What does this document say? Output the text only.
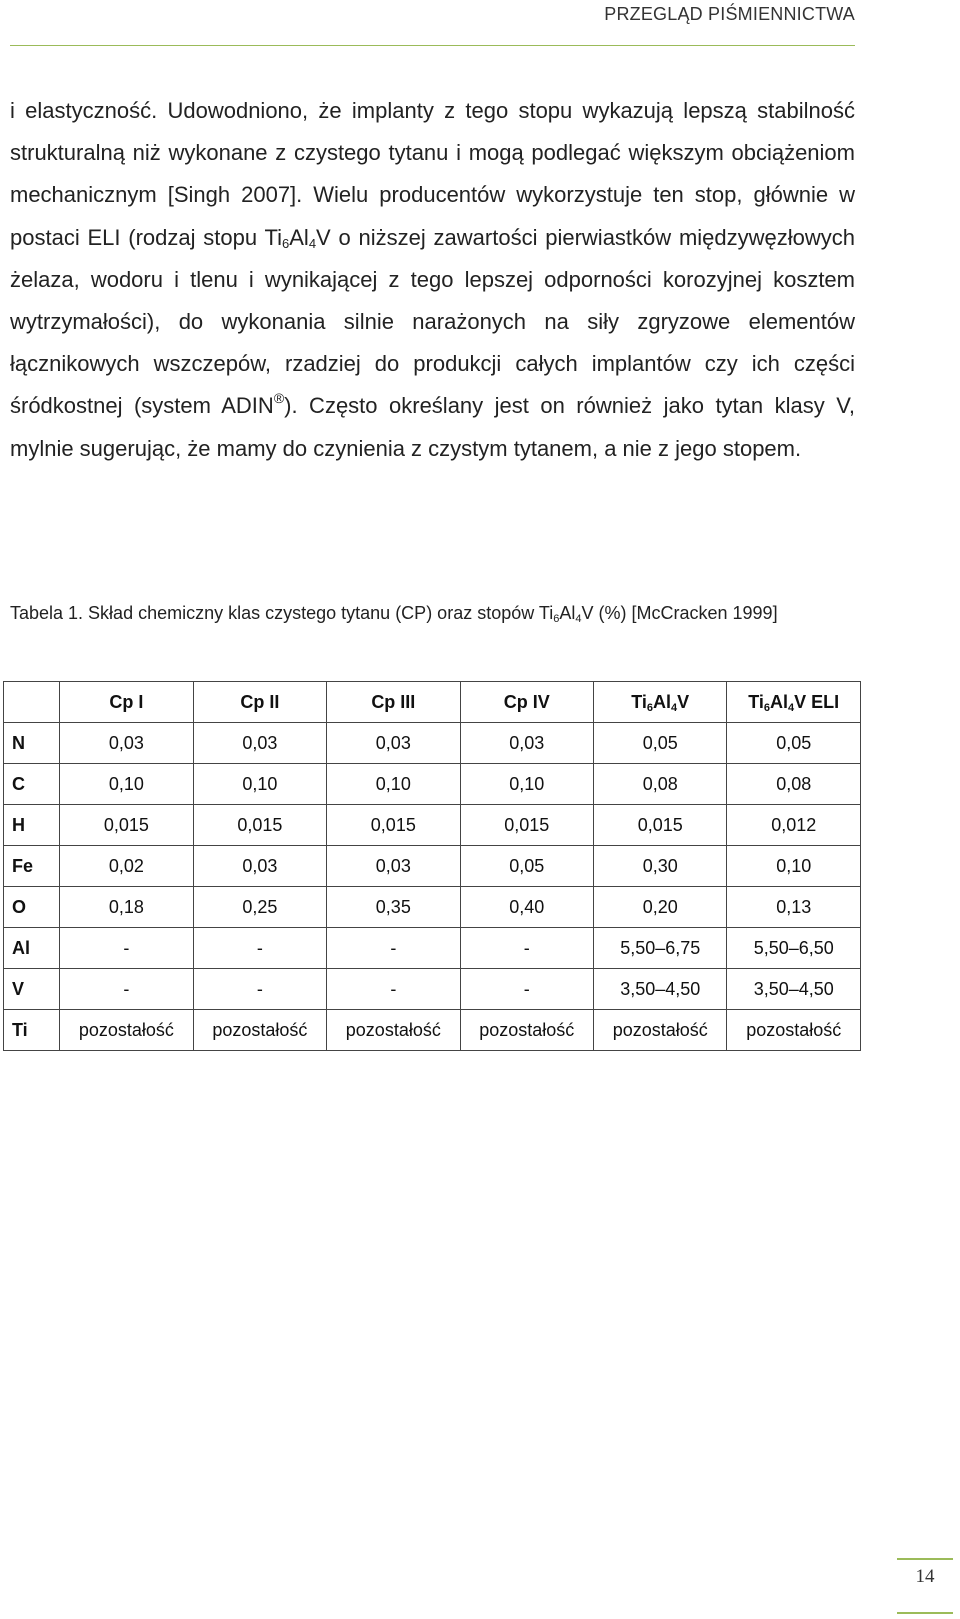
PRZEGLĄD PIŚMIENNICTWA
i elastyczność. Udowodniono, że implanty z tego stopu wykazują lepszą stabilność strukturalną niż wykonane z czystego tytanu i mogą podlegać większym obciążeniom mechanicznym [Singh 2007]. Wielu producentów wykorzystuje ten stop, głównie w postaci ELI (rodzaj stopu $Ti_6Al_4V$ o niższej zawartości pierwiastków międzywęzłowych żelaza, wodoru i tlenu i wynikającej z tego lepszej odporności korozyjnej kosztem wytrzymałości), do wykonania silnie narażonych na siły zgryzowe elementów łącznikowych wszczepów, rzadziej do produkcji całych implantów czy ich części śródkostnej (system ADIN®). Często określany jest on również jako tytan klasy V, mylnie sugerując, że mamy do czynienia z czystym tytanem, a nie z jego stopem.
Tabela 1. Skład chemiczny klas czystego tytanu (CP) oraz stopów $Ti_6Al_4V$ (%) [McCracken 1999]
	Cp I	Cp II	Cp III	Cp IV	$Ti_6Al_4V$	$Ti_6Al_4V$ ELI
N	0,03	0,03	0,03	0,03	0,05	0,05
C	0,10	0,10	0,10	0,10	0,08	0,08
H	0,015	0,015	0,015	0,015	0,015	0,012
Fe	0,02	0,03	0,03	0,05	0,30	0,10
O	0,18	0,25	0,35	0,40	0,20	0,13
Al	-	-	-	-	5,50–6,75	5,50–6,50
V	-	-	-	-	3,50–4,50	3,50–4,50
Ti	pozostałość	pozostałość	pozostałość	pozostałość	pozostałość	pozostałość
14
